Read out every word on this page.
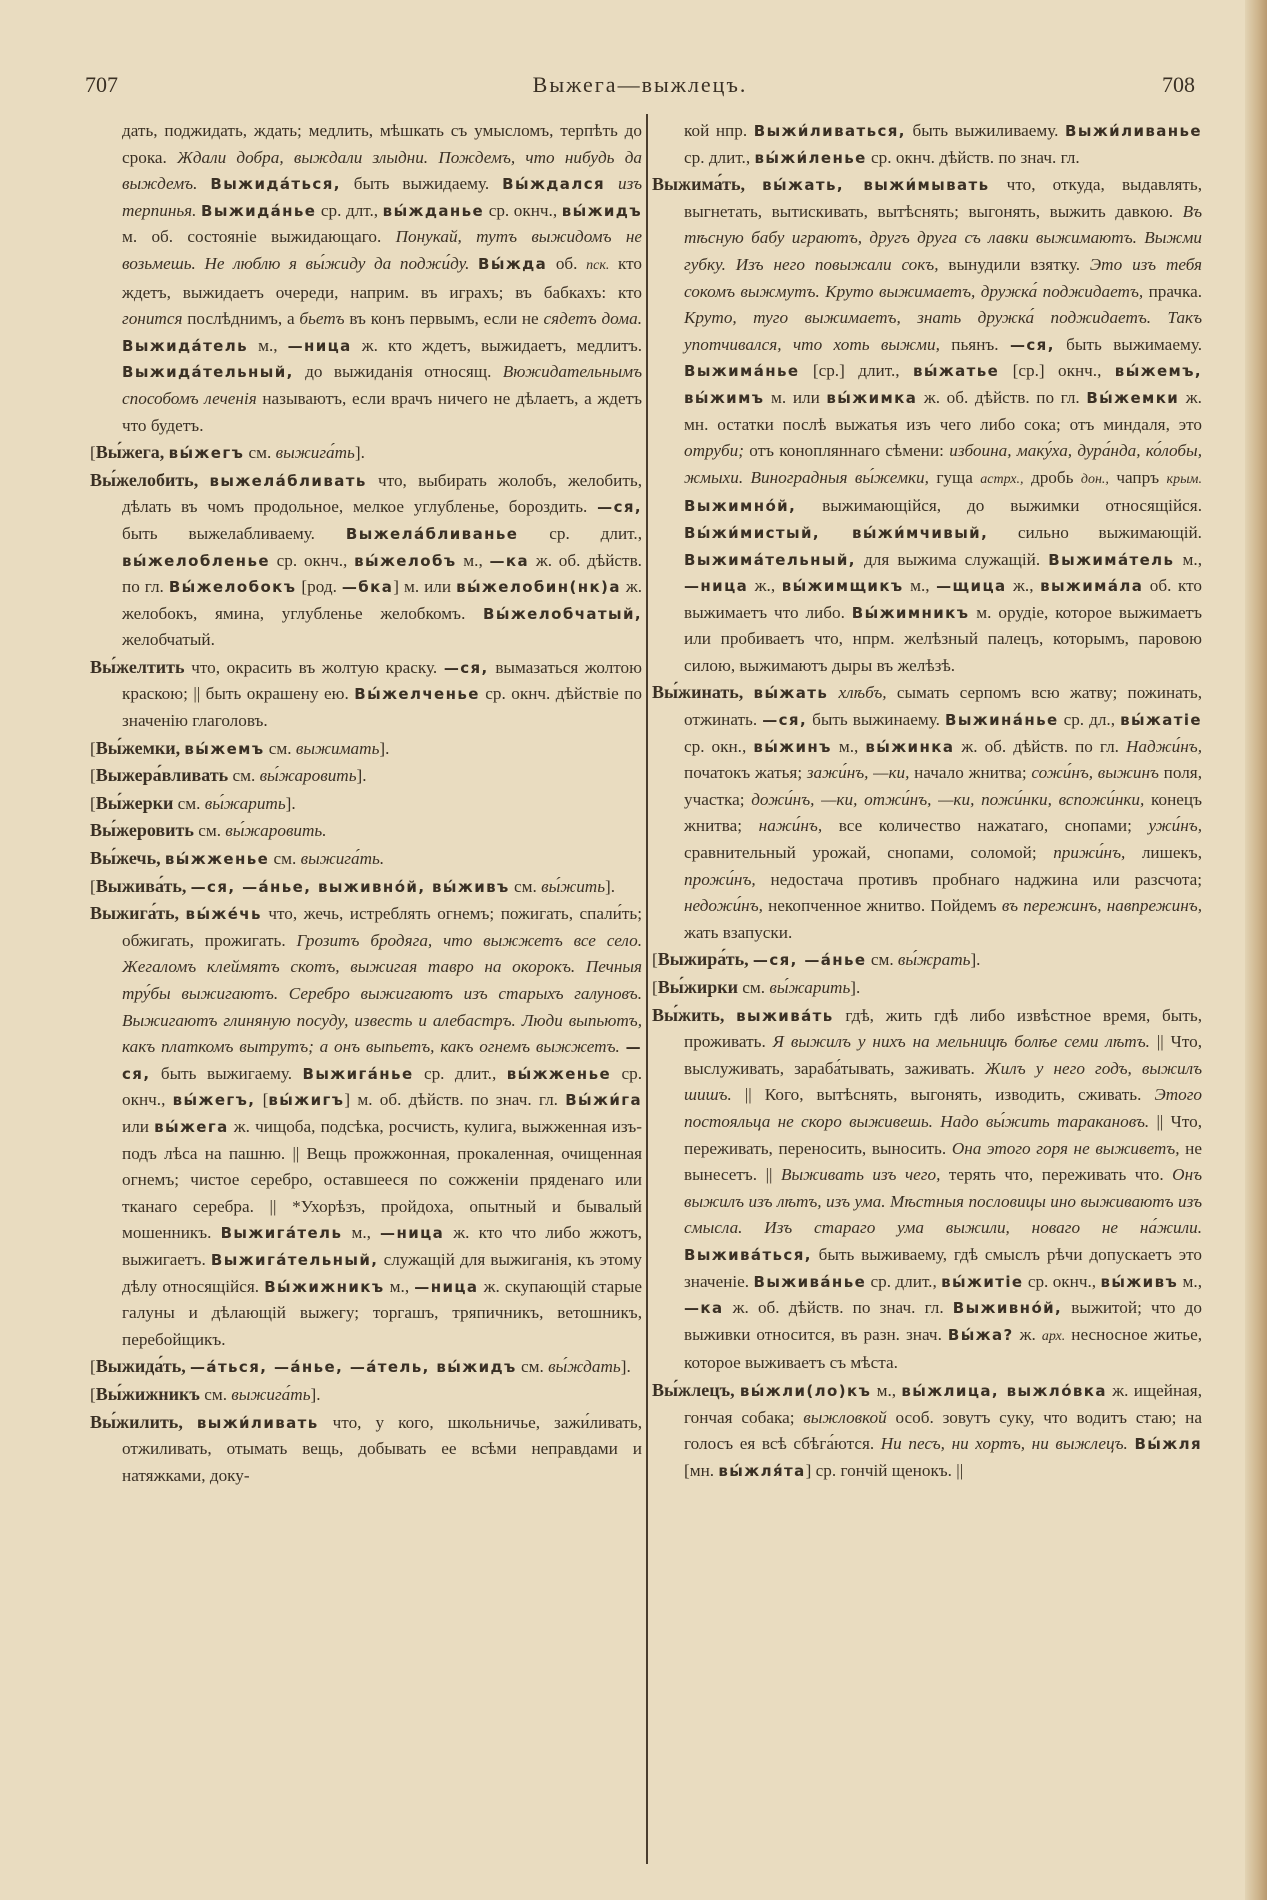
707	Выжега—выжлецъ.	708

дать, поджидать, ждать; медлить, мѣшкать съ умысломъ, терпѣть до срока. Ждали добра, выждали злыдни. Пождемъ, что нибудь да выждемъ. Выжида́ться, быть выжидаему. Вы́ждался изъ терпинья. Выжида́нье ср. длт., вы́жданье ср. окнч., вы́жидъ м. об. состояніе выжидающаго. Понукай, тутъ выжидомъ не возьмешь. Не люблю я вы́жиду да поджи́ду. Вы́жда об. пск. кто ждетъ, выжидаетъ очереди, наприм. въ играхъ; въ бабкахъ: кто гонится послѣднимъ, а бьетъ въ конъ первымъ, если не сядетъ дома. Выжида́тель м., —ница ж. кто ждетъ, выжидаетъ, медлитъ. Выжида́тельный, до выжиданія относящ. Вюжидательнымъ способомъ леченія называютъ, если врачъ ничего не дѣлаетъ, а ждетъ что будетъ.

[Вы́жега, вы́жегъ см. выжига́ть].

Вы́желобить, выжела́бливать что, выбирать жолобъ, желобить, дѣлать въ чомъ продольное, мелкое углубленье, бороздить. —ся, быть выжелабливаему. Выжела́бливанье ср. длит., вы́желобленье ср. окнч., вы́желобъ м., —ка ж. об. дѣйств. по гл. Вы́желобокъ [род. —бка] м. или вы́желобин(нк)а ж. желобокъ, ямина, углубленье желобкомъ. Вы́желобчатый, желобчатый.

Вы́желтить что, окрасить въ жолтую краску. —ся, вымазаться жолтою краскою; || быть окрашену ею. Вы́желченье ср. окнч. дѣйствіе по значенію глаголовъ.

[Вы́жемки, вы́жемъ см. выжимать].

[Выжера́вливать см. вы́жаровить].

[Вы́жерки см. вы́жарить].

Вы́жеровить см. вы́жаровить.

Вы́жечь, вы́жженье см. выжига́ть.

[Выжива́ть, —ся, —а́нье, выживно́й, вы́живъ см. вы́жить].

Выжига́ть, вы́же́чь что, жечь, истреблять огнемъ; пожигать, спали́ть; обжигать, прожигать. Грозитъ бродяга, что выжжетъ все село. Жегаломъ клеймятъ скотъ, выжигая тавро на окорокъ. Печныя тру́бы выжигаютъ. Серебро выжигаютъ изъ старыхъ галуновъ. Выжигаютъ глиняную посуду, известь и алебастръ. Люди выпьютъ, какъ платкомъ вытрутъ; а онъ выпьетъ, какъ огнемъ выжжетъ. —ся, быть выжигаему. Выжига́нье ср. длит., вы́жженье ср. окнч., вы́жегъ, [вы́жигъ] м. об. дѣйств. по знач. гл. Вы́жи́га или вы́жега ж. чищоба, подсѣка, росчисть, кулига, выжженная изъ-подъ лѣса на пашню. || Вещь прожжонная, прокаленная, очищенная огнемъ; чистое серебро, оставшееся по сожженіи пряденаго или тканаго серебра. || *Ухорѣзъ, пройдоха, опытный и бывалый мошенникъ. Выжига́тель м., —ница ж. кто что либо жжотъ, выжигаетъ. Выжига́тельный, служащій для выжиганія, къ этому дѣлу относящійся. Вы́жижникъ м., —ница ж. скупающій старые галуны и дѣлающій выжегу; торгашъ, тряпичникъ, ветошникъ, перебойщикъ.

[Выжида́ть, —а́ться, —а́нье, —а́тель, вы́жидъ см. вы́ждать].

[Вы́жижникъ см. выжига́ть].

Вы́жилить, выжи́ливать что, у кого, школьничье, зажи́ливать, отжиливать, отымать вещь, добывать ее всѣми неправдами и натяжками, доку-

кой нпр. Выжи́ливаться, быть выжиливаему. Выжи́ливанье ср. длит., вы́жи́ленье ср. окнч. дѣйств. по знач. гл.

Выжима́ть, вы́жать, выжи́мывать что, откуда, выдавлять, выгнетать, вытискивать, вытѣснять; выгонять, выжить давкою. Въ тѣсную бабу играютъ, другъ друга съ лавки выжимаютъ. Выжми губку. Изъ него повыжали сокъ, вынудили взятку. Это изъ тебя сокомъ выжмутъ. Круто выжимаетъ, дружка́ поджидаетъ, прачка. Круто, туго выжимаетъ, знать дружка́ поджидаетъ. Такъ употчивался, что хоть выжми, пьянъ. —ся, быть выжимаему. Выжима́нье [ср.] длит., вы́жатье [ср.] окнч., вы́жемъ, вы́жимъ м. или вы́жимка ж. об. дѣйств. по гл. Вы́жемки ж. мн. остатки послѣ выжатья изъ чего либо сока; отъ миндаля, это отруби; отъ конопляннаго сѣмени: избоина, маку́ха, дура́нда, ко́лобы, жмыхи. Виноградныя вы́жемки, гуща астрх., дробь дон., чапръ крым. Выжимно́й, выжимающійся, до выжимки относящійся. Вы́жи́мистый, вы́жи́мчивый, сильно выжимающій. Выжима́тельный, для выжима служащій. Выжима́тель м., —ница ж., вы́жимщикъ м., —щица ж., выжима́ла об. кто выжимаетъ что либо. Вы́жимникъ м. орудіе, которое выжимаетъ или пробиваетъ что, нпрм. желѣзный палецъ, которымъ, паровою силою, выжимаютъ дыры въ желѣзѣ.

Вы́жинать, вы́жать хлѣбъ, сымать серпомъ всю жатву; пожинать, отжинать. —ся, быть выжинаему. Выжина́нье ср. дл., вы́жатіе ср. окн., вы́жинъ м., вы́жинка ж. об. дѣйств. по гл. Наджи́нъ, початокъ жатья; зажи́нъ, —ки, начало жнитва; сожи́нъ, выжинъ поля, участка; дожи́нъ, —ки, отжи́нъ, —ки, пожи́нки, вспожи́нки, конецъ жнитва; нажи́нъ, все количество нажатаго, снопами; ужи́нъ, сравнительный урожай, снопами, соломой; прижи́нъ, лишекъ, прожи́нъ, недостача противъ пробнаго наджина или разсчота; недожи́нъ, некопченное жнитво. Пойдемъ въ пережинъ, навпрежинъ, жать взапуски.

[Выжира́ть, —ся, —а́нье см. вы́жрать].

[Вы́жирки см. вы́жарить].

Вы́жить, выжива́ть гдѣ, жить гдѣ либо извѣстное время, быть, проживать. Я выжилъ у нихъ на мельницѣ болѣе семи лѣтъ. || Что, выслуживать, зараба́тывать, заживать. Жилъ у него годъ, выжилъ шишъ. || Кого, вытѣснять, выгонять, изводить, сживать. Этого постояльца не скоро выживешь. Надо вы́жить таракановъ. || Что, переживать, переносить, выносить. Она этого горя не выживетъ, не вынесетъ. || Выживать изъ чего, терять что, переживать что. Онъ выжилъ изъ лѣтъ, изъ ума. Мѣстныя пословицы ино выживаютъ изъ смысла. Изъ стараго ума выжили, новаго не на́жили. Выжива́ться, быть выживаему, гдѣ смыслъ рѣчи допускаетъ это значеніе. Выжива́нье ср. длит., вы́житіе ср. окнч., вы́живъ м., —ка ж. об. дѣйств. по знач. гл. Выживно́й, выжитой; что до выживки относится, въ разн. знач. Вы́жа? ж. арх. несносное житье, которое выживаетъ съ мѣста.

Вы́жлецъ, вы́жли(ло)къ м., вы́жлица, выжло́вка ж. ищейная, гончая собака; выжловкой особ. зовутъ суку, что водитъ стаю; на голосъ ея всѣ сбѣга́ются. Ни песъ, ни хортъ, ни выжлецъ. Вы́жля [мн. вы́жля́та] ср. гончій щенокъ. ||
